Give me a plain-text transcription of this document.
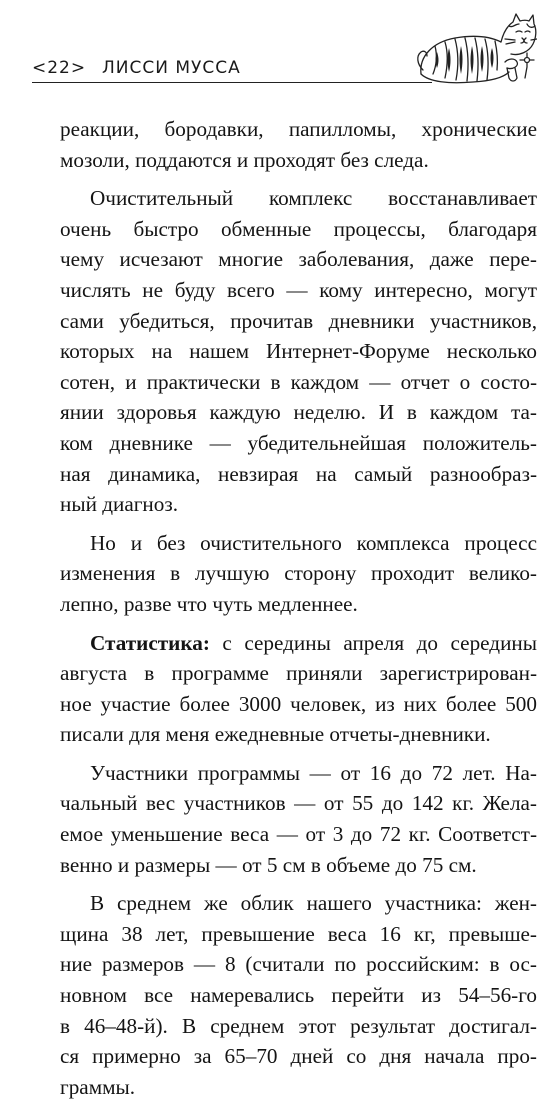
<22> ЛИССИ МУССА
реакции, бородавки, папилломы, хронические
мозоли, поддаются и проходят без следа.
Очистительный комплекс восстанавливает
очень быстро обменные процессы, благодаря
чему исчезают многие заболевания, даже пере-
числять не буду всего — кому интересно, могут
сами убедиться, прочитав дневники участников,
которых на нашем Интернет-Форуме несколько
сотен, и практически в каждом — отчет о состо-
янии здоровья каждую неделю. И в каждом та-
ком дневнике — убедительнейшая положитель-
ная динамика, невзирая на самый разнообраз-
ный диагноз.
Но и без очистительного комплекса процесс
изменения в лучшую сторону проходит велико-
лепно, разве что чуть медленнее.
Статистика: с середины апреля до середины
августа в программе приняли зарегистрирован-
ное участие более 3000 человек, из них более 500
писали для меня ежедневные отчеты-дневники.
Участники программы — от 16 до 72 лет. На-
чальный вес участников — от 55 до 142 кг. Жела-
емое уменьшение веса — от 3 до 72 кг. Соответст-
венно и размеры — от 5 см в объеме до 75 см.
В среднем же облик нашего участника: жен-
щина 38 лет, превышение веса 16 кг, превыше-
ние размеров — 8 (считали по российским: в ос-
новном все намеревались перейти из 54–56-го
в 46–48-й). В среднем этот результат достигал-
ся примерно за 65–70 дней со дня начала про-
граммы.
